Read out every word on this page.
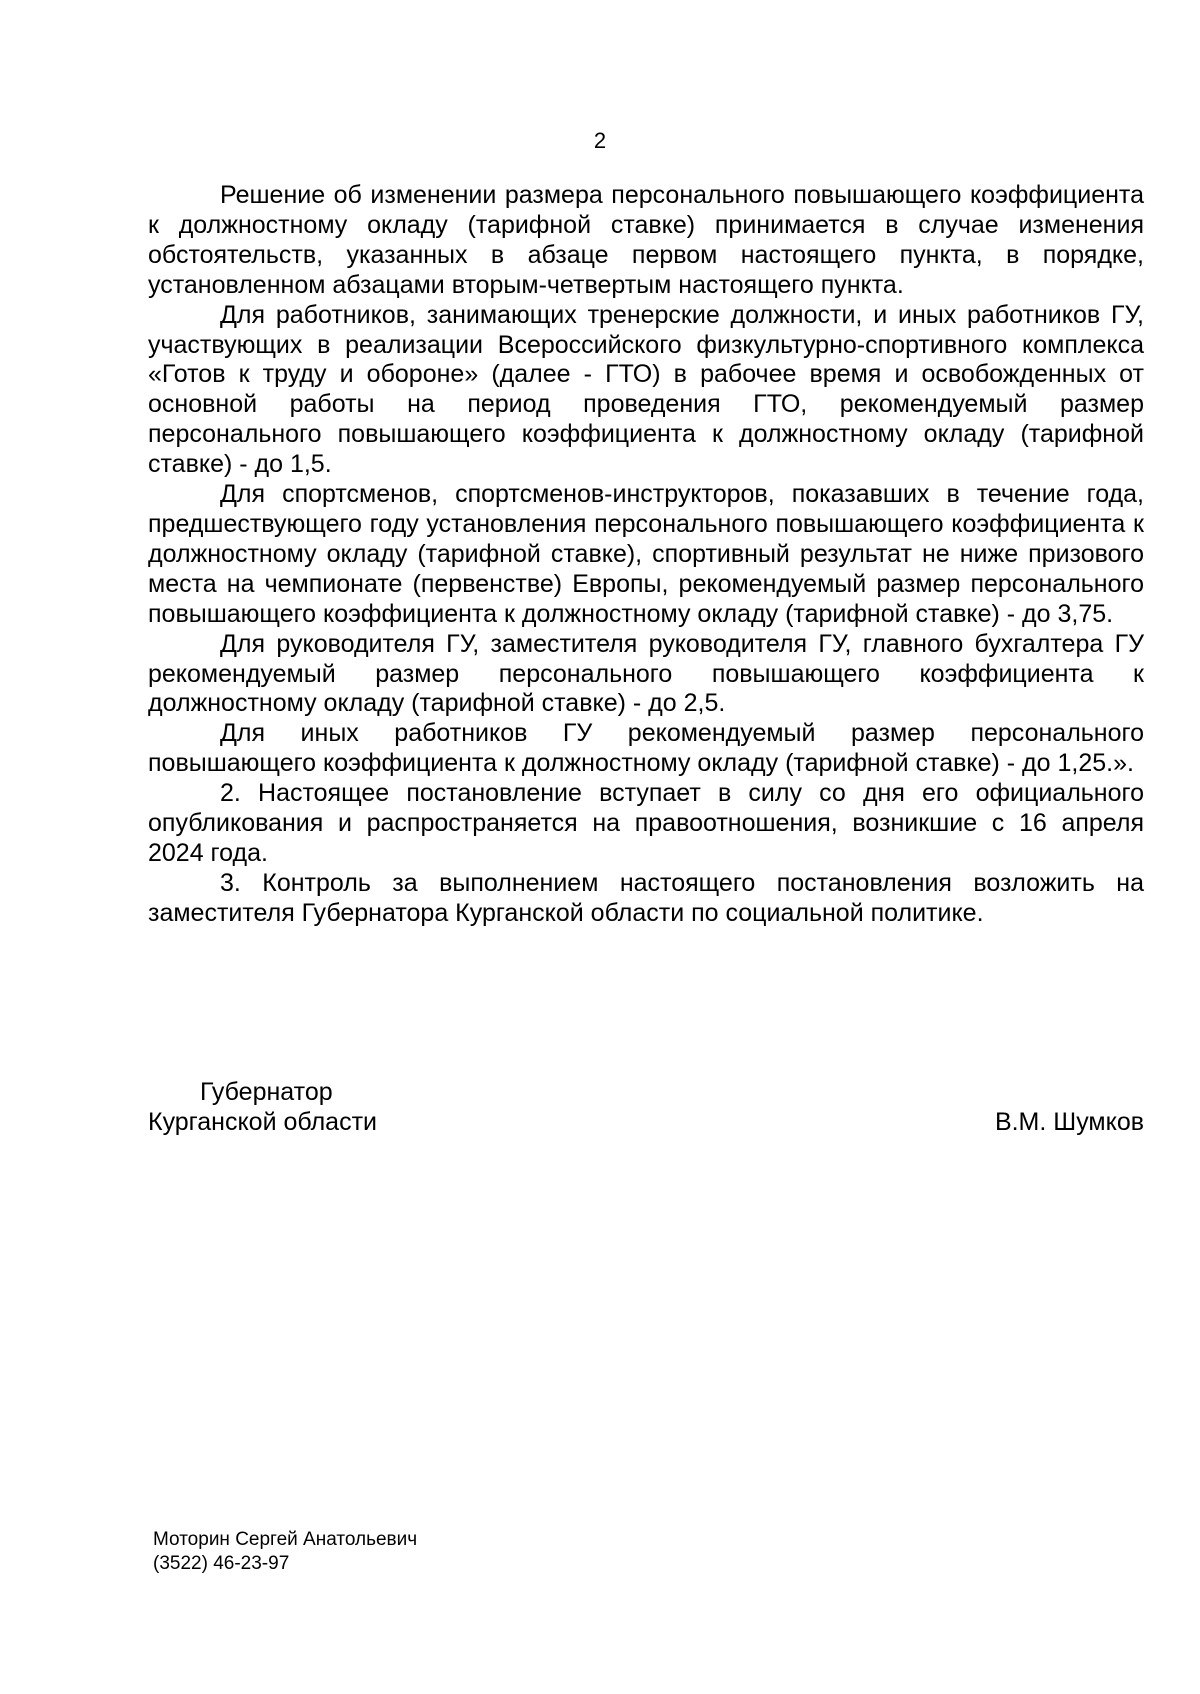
2

Решение об изменении размера персонального повышающего коэффициента к должностному окладу (тарифной ставке) принимается в случае изменения обстоятельств, указанных в абзаце первом настоящего пункта, в порядке, установленном абзацами вторым-четвертым настоящего пункта.

Для работников, занимающих тренерские должности, и иных работников ГУ, участвующих в реализации Всероссийского физкультурно-спортивного комплекса «Готов к труду и обороне» (далее - ГТО) в рабочее время и освобожденных от основной работы на период проведения ГТО, рекомендуемый размер персонального повышающего коэффициента к должностному окладу (тарифной ставке) - до 1,5.

Для спортсменов, спортсменов-инструкторов, показавших в течение года, предшествующего году установления персонального повышающего коэффициента к должностному окладу (тарифной ставке), спортивный результат не ниже призового места на чемпионате (первенстве) Европы, рекомендуемый размер персонального повышающего коэффициента к должностному окладу (тарифной ставке) - до 3,75.

Для руководителя ГУ, заместителя руководителя ГУ, главного бухгалтера ГУ рекомендуемый размер персонального повышающего коэффициента к должностному окладу (тарифной ставке) - до 2,5.

Для иных работников ГУ рекомендуемый размер персонального повышающего коэффициента к должностному окладу (тарифной ставке) - до 1,25.».

2. Настоящее постановление вступает в силу со дня его официального опубликования и распространяется на правоотношения, возникшие с 16 апреля 2024 года.

3. Контроль за выполнением настоящего постановления возложить на заместителя Губернатора Курганской области по социальной политике.

Губернатор
Курганской области	В.М. Шумков
Моторин Сергей Анатольевич
(3522) 46-23-97
